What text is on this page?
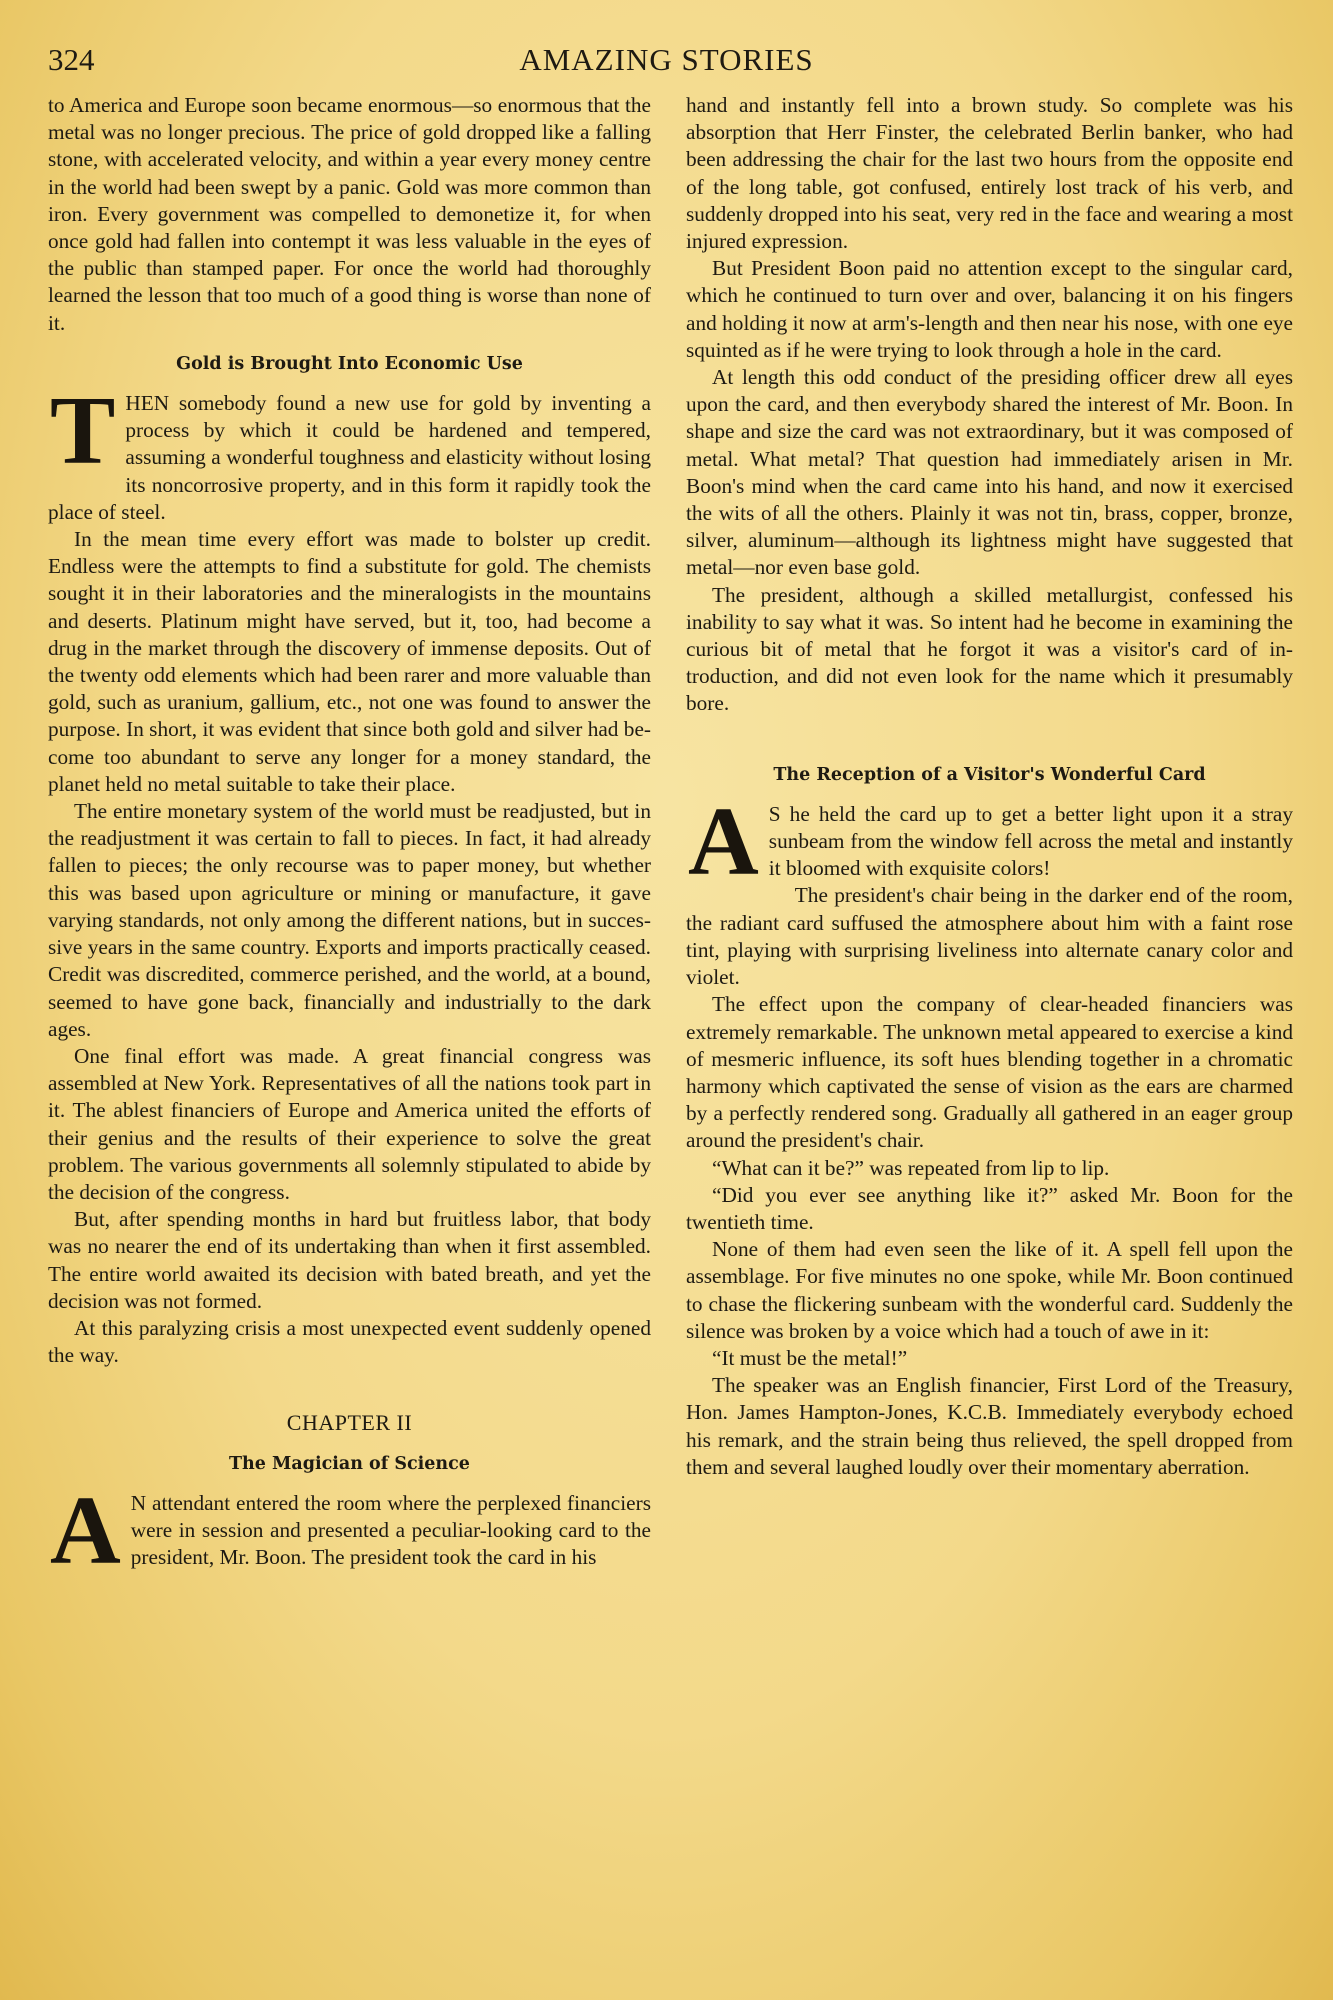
324	AMAZING STORIES

to America and Europe soon became enormous—so enormous that the metal was no longer precious. The price of gold dropped like a falling stone, with accelerated velocity, and within a year every money centre in the world had been swept by a panic. Gold was more common than iron. Every government was compelled to demonetize it, for when once gold had fallen into contempt it was less valuable in the eyes of the public than stamped paper. For once the world had thoroughly learned the lesson that too much of a good thing is worse than none of it.

Gold is Brought Into Economic Use

THEN somebody found a new use for gold by inventing a process by which it could be hardened and tempered, assuming a wonderful toughness and elasticity without losing its noncorrosive property, and in this form it rapidly took the place of steel.

In the mean time every effort was made to bolster up credit. Endless were the attempts to find a substitute for gold. The chemists sought it in their laboratories and the mineralogists in the mountains and deserts. Platinum might have served, but it, too, had become a drug in the market through the discovery of immense deposits. Out of the twenty odd elements which had been rarer and more valuable than gold, such as uranium, gallium, etc., not one was found to answer the purpose. In short, it was evident that since both gold and silver had become too abundant to serve any longer for a money standard, the planet held no metal suitable to take their place.

The entire monetary system of the world must be readjusted, but in the readjustment it was certain to fall to pieces. In fact, it had already fallen to pieces; the only recourse was to paper money, but whether this was based upon agriculture or mining or manufacture, it gave varying standards, not only among the different nations, but in successive years in the same country. Exports and imports practically ceased. Credit was discredited, commerce perished, and the world, at a bound, seemed to have gone back, financially and industrially to the dark ages.

One final effort was made. A great financial congress was assembled at New York. Representatives of all the nations took part in it. The ablest financiers of Europe and America united the efforts of their genius and the results of their experience to solve the great problem. The various governments all solemnly stipulated to abide by the decision of the congress.

But, after spending months in hard but fruitless labor, that body was no nearer the end of its undertaking than when it first assembled. The entire world awaited its decision with bated breath, and yet the decision was not formed.

At this paralyzing crisis a most unexpected event suddenly opened the way.

CHAPTER II
The Magician of Science

A N attendant entered the room where the perplexed financiers were in session and presented a peculiar-looking card to the president, Mr. Boon. The president took the card in his

hand and instantly fell into a brown study. So complete was his absorption that Herr Finster, the celebrated Berlin banker, who had been addressing the chair for the last two hours from the opposite end of the long table, got confused, entirely lost track of his verb, and suddenly dropped into his seat, very red in the face and wearing a most injured expression.

But President Boon paid no attention except to the singular card, which he continued to turn over and over, balancing it on his fingers and holding it now at arm's-length and then near his nose, with one eye squinted as if he were trying to look through a hole in the card.

At length this odd conduct of the presiding officer drew all eyes upon the card, and then everybody shared the interest of Mr. Boon. In shape and size the card was not extraordinary, but it was composed of metal. What metal? That question had immediately arisen in Mr. Boon's mind when the card came into his hand, and now it exercised the wits of all the others. Plainly it was not tin, brass, copper, bronze, silver, aluminum—although its lightness might have suggested that metal—nor even base gold.

The president, although a skilled metallurgist, confessed his inability to say what it was. So intent had he become in examining the curious bit of metal that he forgot it was a visitor's card of introduction, and did not even look for the name which it presumably bore.

The Reception of a Visitor's Wonderful Card

A S he held the card up to get a better light upon it a stray sunbeam from the window fell across the metal and instantly it bloomed with exquisite colors!

The president's chair being in the darker end of the room, the radiant card suffused the atmosphere about him with a faint rose tint, playing with surprising liveliness into alternate canary color and violet.

The effect upon the company of clear-headed financiers was extremely remarkable. The unknown metal appeared to exercise a kind of mesmeric influence, its soft hues blending together in a chromatic harmony which captivated the sense of vision as the ears are charmed by a perfectly rendered song. Gradually all gathered in an eager group around the president's chair.

“What can it be?” was repeated from lip to lip.

“Did you ever see anything like it?” asked Mr. Boon for the twentieth time.

None of them had even seen the like of it. A spell fell upon the assemblage. For five minutes no one spoke, while Mr. Boon continued to chase the flickering sunbeam with the wonderful card. Suddenly the silence was broken by a voice which had a touch of awe in it:

“It must be the metal!”

The speaker was an English financier, First Lord of the Treasury, Hon. James Hampton-Jones, K.C.B. Immediately everybody echoed his remark, and the strain being thus relieved, the spell dropped from them and several laughed loudly over their momentary aberration.
